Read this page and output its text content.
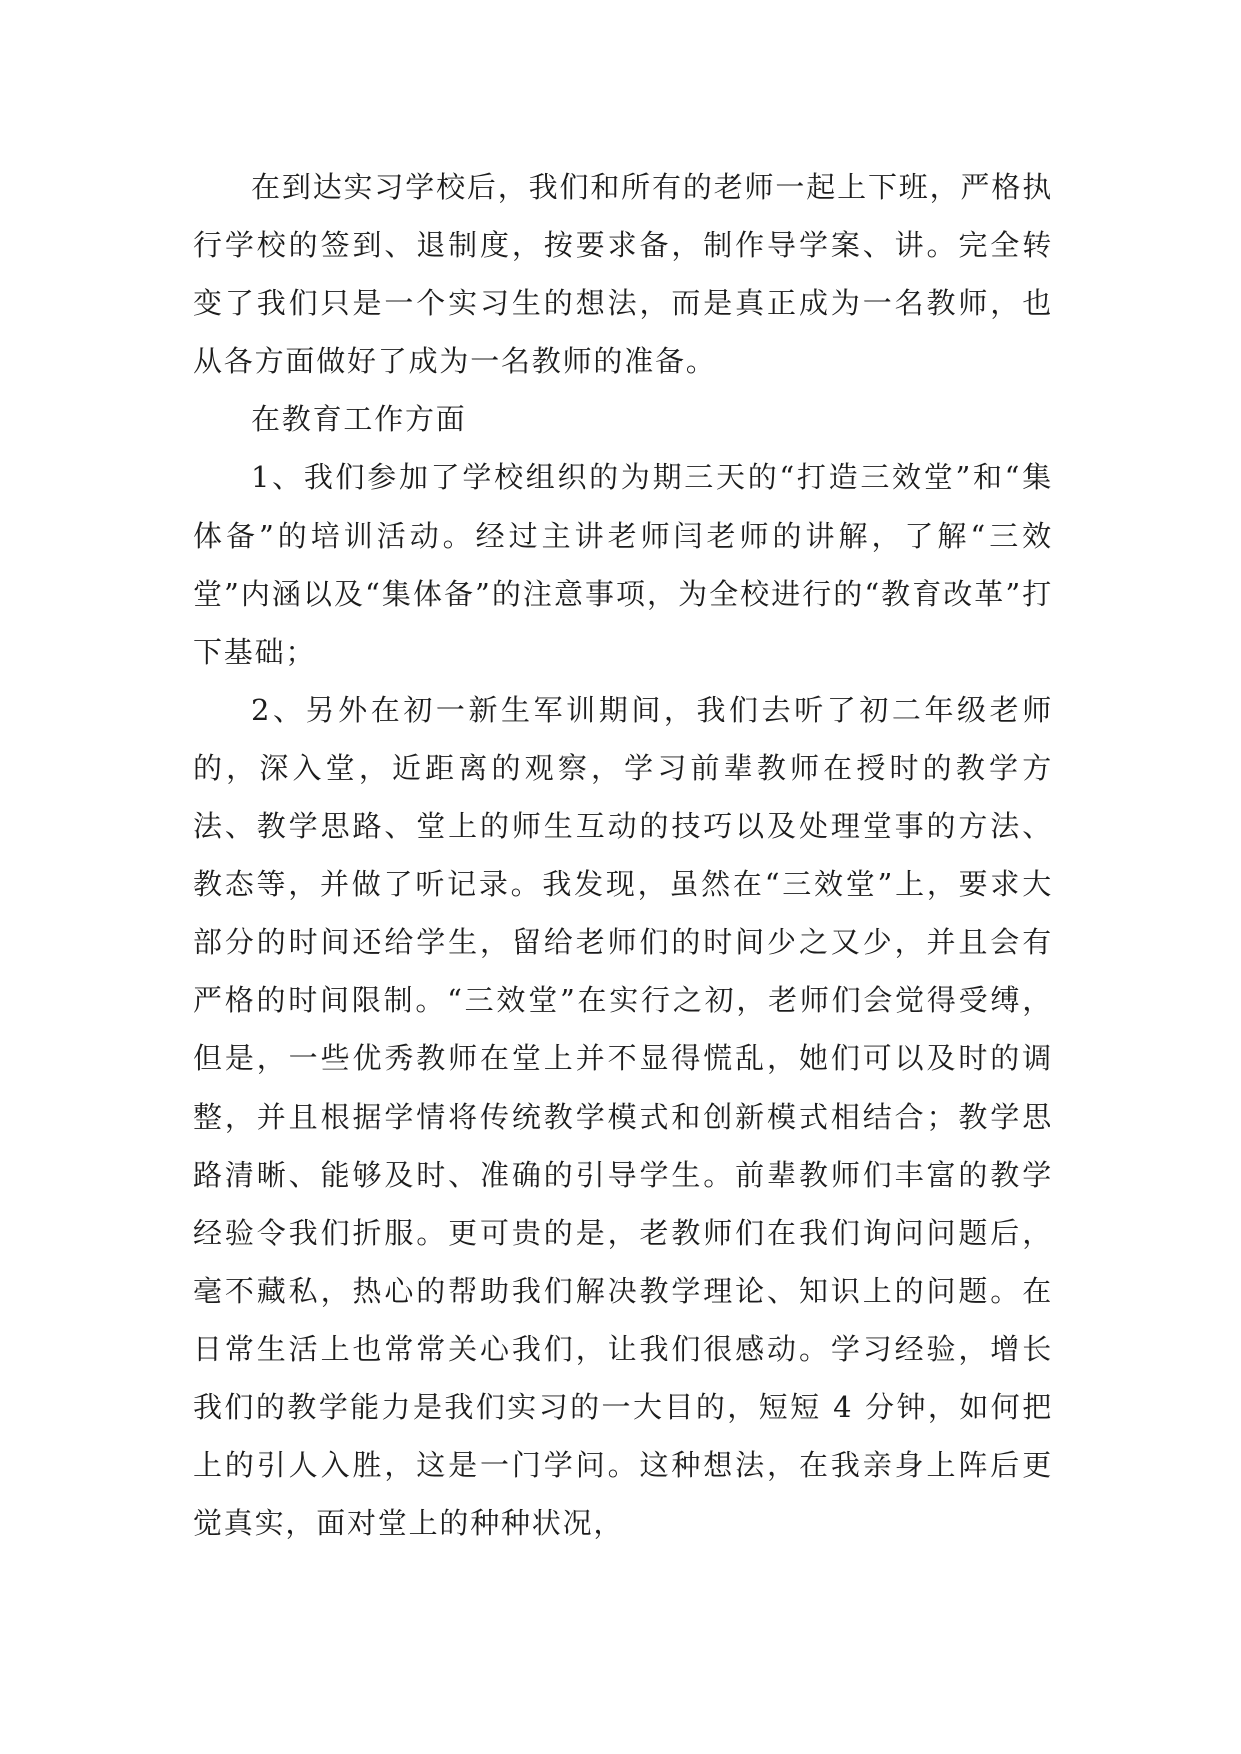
在到达实习学校后，我们和所有的老师一起上下班，严格执行学校的签到、退制度，按要求备，制作导学案、讲。完全转变了我们只是一个实习生的想法，而是真正成为一名教师，也从各方面做好了成为一名教师的准备。

在教育工作方面

1、我们参加了学校组织的为期三天的“打造三效堂”和“集体备”的培训活动。经过主讲老师闫老师的讲解，了解“三效堂”内涵以及“集体备”的注意事项，为全校进行的“教育改革”打下基础；

2、另外在初一新生军训期间，我们去听了初二年级老师的，深入堂，近距离的观察，学习前辈教师在授时的教学方法、教学思路、堂上的师生互动的技巧以及处理堂事的方法、教态等，并做了听记录。我发现，虽然在“三效堂”上，要求大部分的时间还给学生，留给老师们的时间少之又少，并且会有严格的时间限制。“三效堂”在实行之初，老师们会觉得受缚，但是，一些优秀教师在堂上并不显得慌乱，她们可以及时的调整，并且根据学情将传统教学模式和创新模式相结合；教学思路清晰、能够及时、准确的引导学生。前辈教师们丰富的教学经验令我们折服。更可贵的是，老教师们在我们询问问题后，毫不藏私，热心的帮助我们解决教学理论、知识上的问题。在日常生活上也常常关心我们，让我们很感动。学习经验，增长我们的教学能力是我们实习的一大目的，短短 4 分钟，如何把上的引人入胜，这是一门学问。这种想法，在我亲身上阵后更觉真实，面对堂上的种种状况，
